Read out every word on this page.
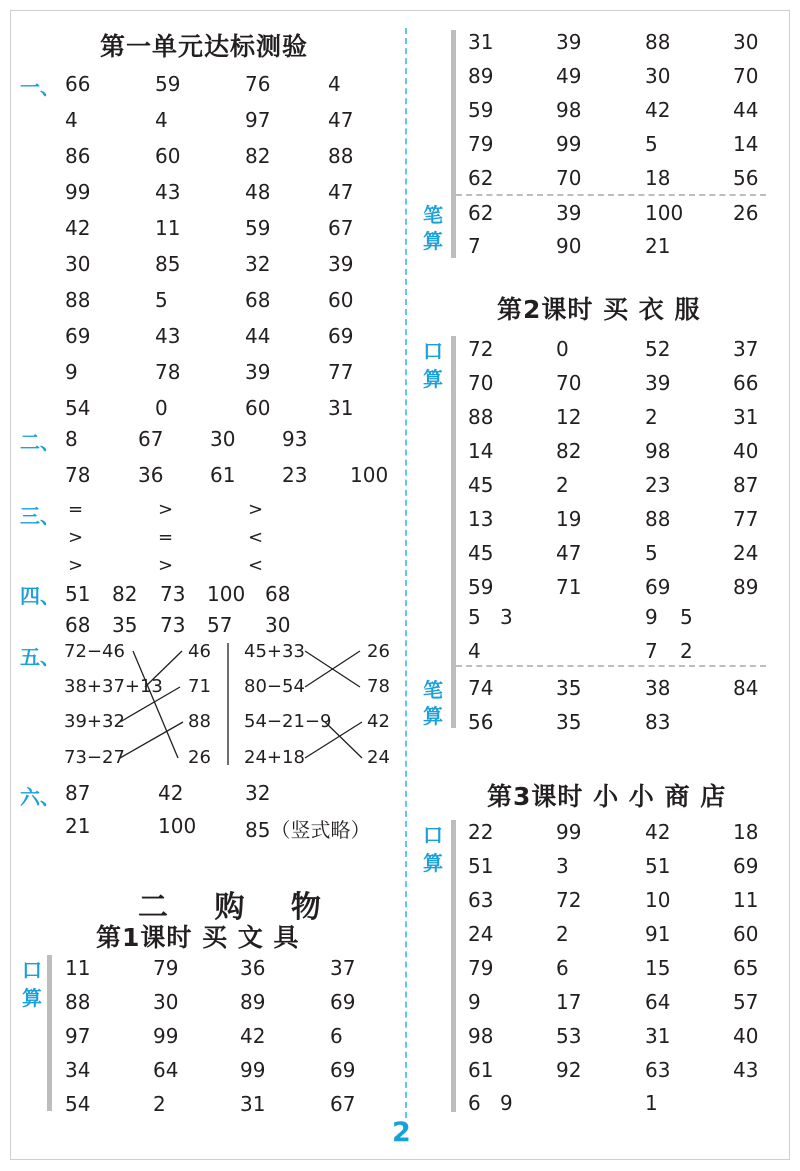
第一单元达标测验
一、 66	59	76	4
4	4	97	47
86	60	82	88
99	43	48	47
42	11	59	67
30	85	32	39
88	5	68	60
69	43	44	69
9	78	39	77
54	0	60	31
二、 8	67 30 93
78 36 61 23 100
三、 =	>	>
>	=	<
>	>	<
四、 51 82 73 100 68
68 35 73 57 30
五、 72−46	46 45+33	26
38+37+13 71 80−54	78
39+32	88 54−21−9 42
73−27	26 24+18	24
六、 87	42	32
21	100 85（竖式略）
二 购 物
第1课时 买 文 具
口
算
11	79	36	37
88	30	89	69
97	99	42	6
34	64	99	69
54	2	31	67
31	39	88	30
89	49	30	70
59	98	42	44
79	99	5	14
62	70	18	56
62	39	100 26
7	90	21
笔
算
第2课时 买 衣 服
口
算
72	0	52	37
70	70	39	66
88	12	2	31
14	82	98	40
45	2	23	87
13	19	88	77
45	47	5	24
59	71	69	89
5 3	9 5
4	7 2
74	35	38	84
56	35	83
笔
算
第3课时 小 小 商 店
口
算
22	99	42	18
51	3	51	69
63	72	10	11
24	2	91	60
79	6	15	65
9	17	64	57
98	53	31	40
61	92	63	43
6 9	1
2
